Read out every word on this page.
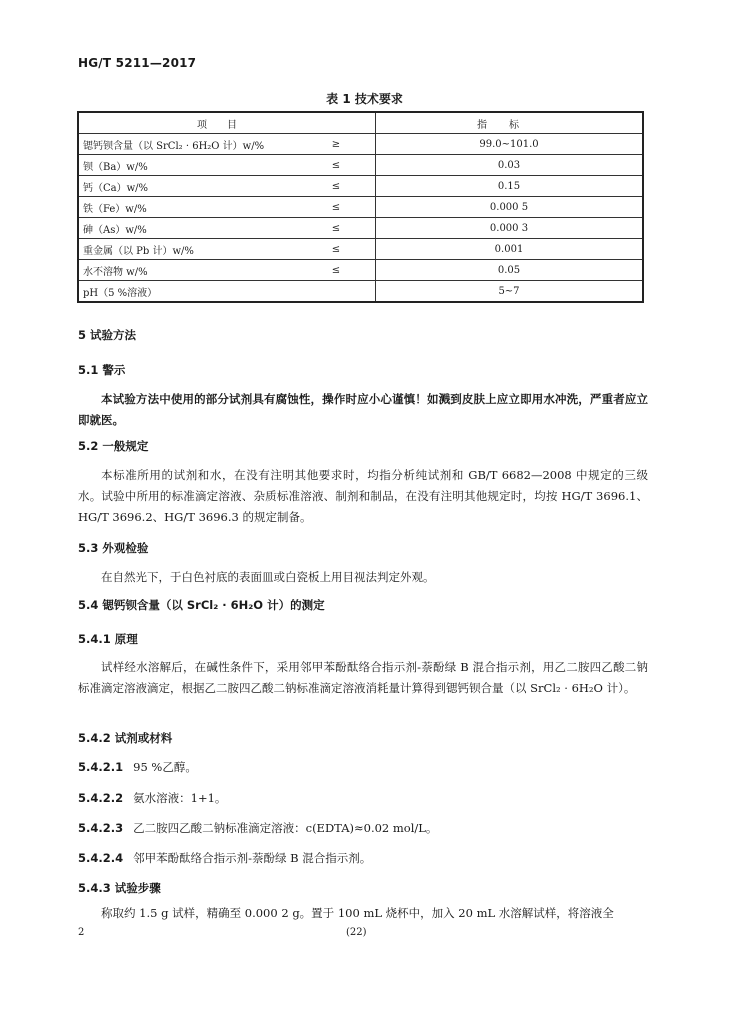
HG/T 5211—2017
表 1 技术要求
项目		指标
锶钙钡含量（以 SrCl₂ · 6H₂O 计）w/%	≥	99.0~101.0
钡（Ba）w/%	≤	0.03
钙（Ca）w/%	≤	0.15
铁（Fe）w/%	≤	0.000 5
砷（As）w/%	≤	0.000 3
重金属（以 Pb 计）w/%	≤	0.001
水不溶物 w/%	≤	0.05
pH（5 %溶液）		5~7
5 试验方法
5.1 警示
本试验方法中使用的部分试剂具有腐蚀性，操作时应小心谨慎！如溅到皮肤上应立即用水冲洗，严重者应立即就医。
5.2 一般规定
本标准所用的试剂和水，在没有注明其他要求时，均指分析纯试剂和 GB/T 6682—2008 中规定的三级水。试验中所用的标准滴定溶液、杂质标准溶液、制剂和制品，在没有注明其他规定时，均按 HG/T 3696.1、HG/T 3696.2、HG/T 3696.3 的规定制备。
5.3 外观检验
在自然光下，于白色衬底的表面皿或白瓷板上用目视法判定外观。
5.4 锶钙钡含量（以 SrCl₂ · 6H₂O 计）的测定
5.4.1 原理
试样经水溶解后，在碱性条件下，采用邻甲苯酚酞络合指示剂-萘酚绿 B 混合指示剂，用乙二胺四乙酸二钠标准滴定溶液滴定，根据乙二胺四乙酸二钠标准滴定溶液消耗量计算得到锶钙钡合量（以 SrCl₂ · 6H₂O 计）。
5.4.2 试剂或材料
5.4.2.1 95 %乙醇。
5.4.2.2 氨水溶液：1+1。
5.4.2.3 乙二胺四乙酸二钠标准滴定溶液：c(EDTA)≈0.02 mol/L。
5.4.2.4 邻甲苯酚酞络合指示剂-萘酚绿 B 混合指示剂。
5.4.3 试验步骤
称取约 1.5 g 试样，精确至 0.000 2 g。置于 100 mL 烧杯中，加入 20 mL 水溶解试样，将溶液全
2	(22)
